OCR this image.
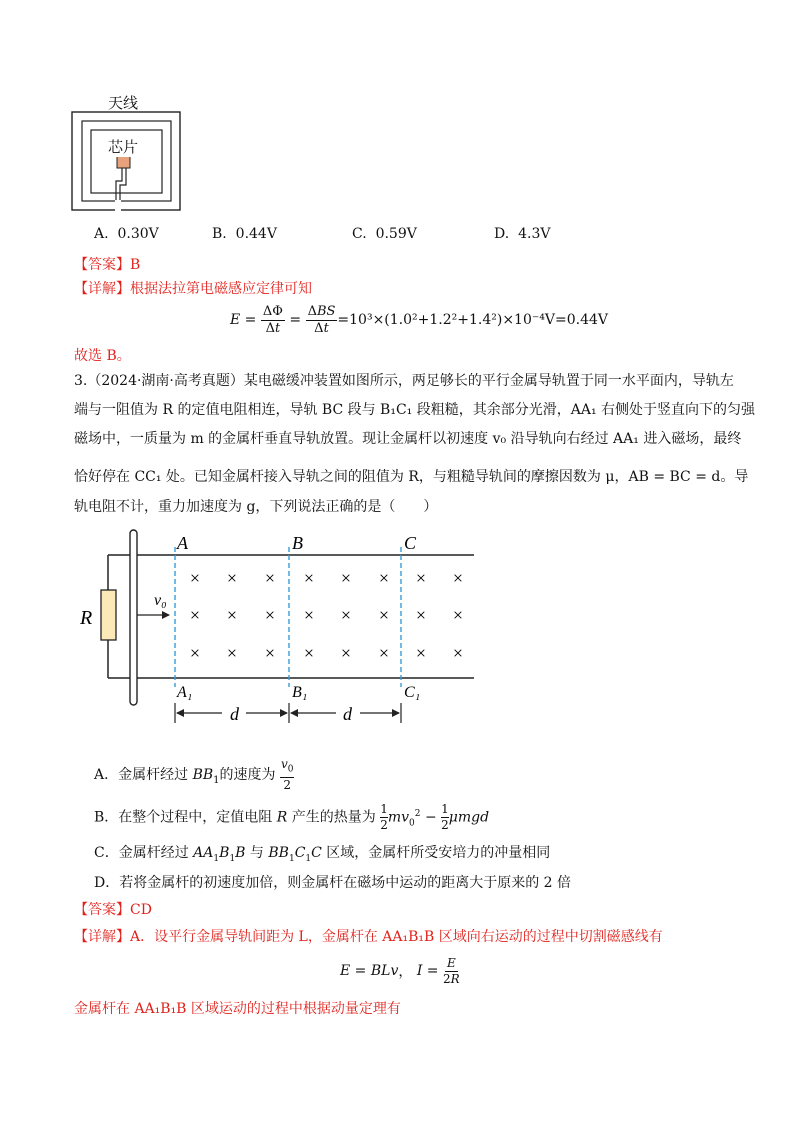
天线
芯片
A. 0.30V	B. 0.44V	C. 0.59V	D. 4.3V
【答案】B
【详解】根据法拉第电磁感应定律可知
E =
ΔΦ
Δt =
ΔBS
Δt =10³×(1.0²+1.2²+1.4²)×10⁻⁴V=0.44V
故选 B。
3.（2024·湖南·高考真题）某电磁缓冲装置如图所示，两足够长的平行金属导轨置于同一水平面内，导轨左
端与一阻值为 R 的定值电阻相连，导轨 BC 段与 B₁C₁ 段粗糙，其余部分光滑，AA₁ 右侧处于竖直向下的匀强
磁场中，一质量为 m 的金属杆垂直导轨放置。现让金属杆以初速度 v₀ 沿导轨向右经过 AA₁ 进入磁场，最终
恰好停在 CC₁ 处。已知金属杆接入导轨之间的阻值为 R，与粗糙导轨间的摩擦因数为 μ，AB = BC = d。导
轨电阻不计，重力加速度为 g，下列说法正确的是（　　）
R
v₀
A	B	C
A₁	B₁	C₁
d	d
× × × × × × × ×
× × × × × × × ×
× × × × × × × ×
A．金属杆经过 $BB_1$的速度为 $\frac{v_0}{2}$
B．在整个过程中，定值电阻 R 产生的热量为 $\frac{1}{2} mv_0^2 - \frac{1}{2}$ μmgd
C．金属杆经过 $AA_1B_1B$ 与 $BB_1C_1C$ 区域，金属杆所受安培力的冲量相同
D．若将金属杆的初速度加倍，则金属杆在磁场中运动的距离大于原来的 2 倍
【答案】CD
【详解】A．设平行金属导轨间距为 L，金属杆在 AA₁B₁B 区域向右运动的过程中切割磁感线有
E = BLv ， I =
E
2R
金属杆在 AA₁B₁B 区域运动的过程中根据动量定理有
